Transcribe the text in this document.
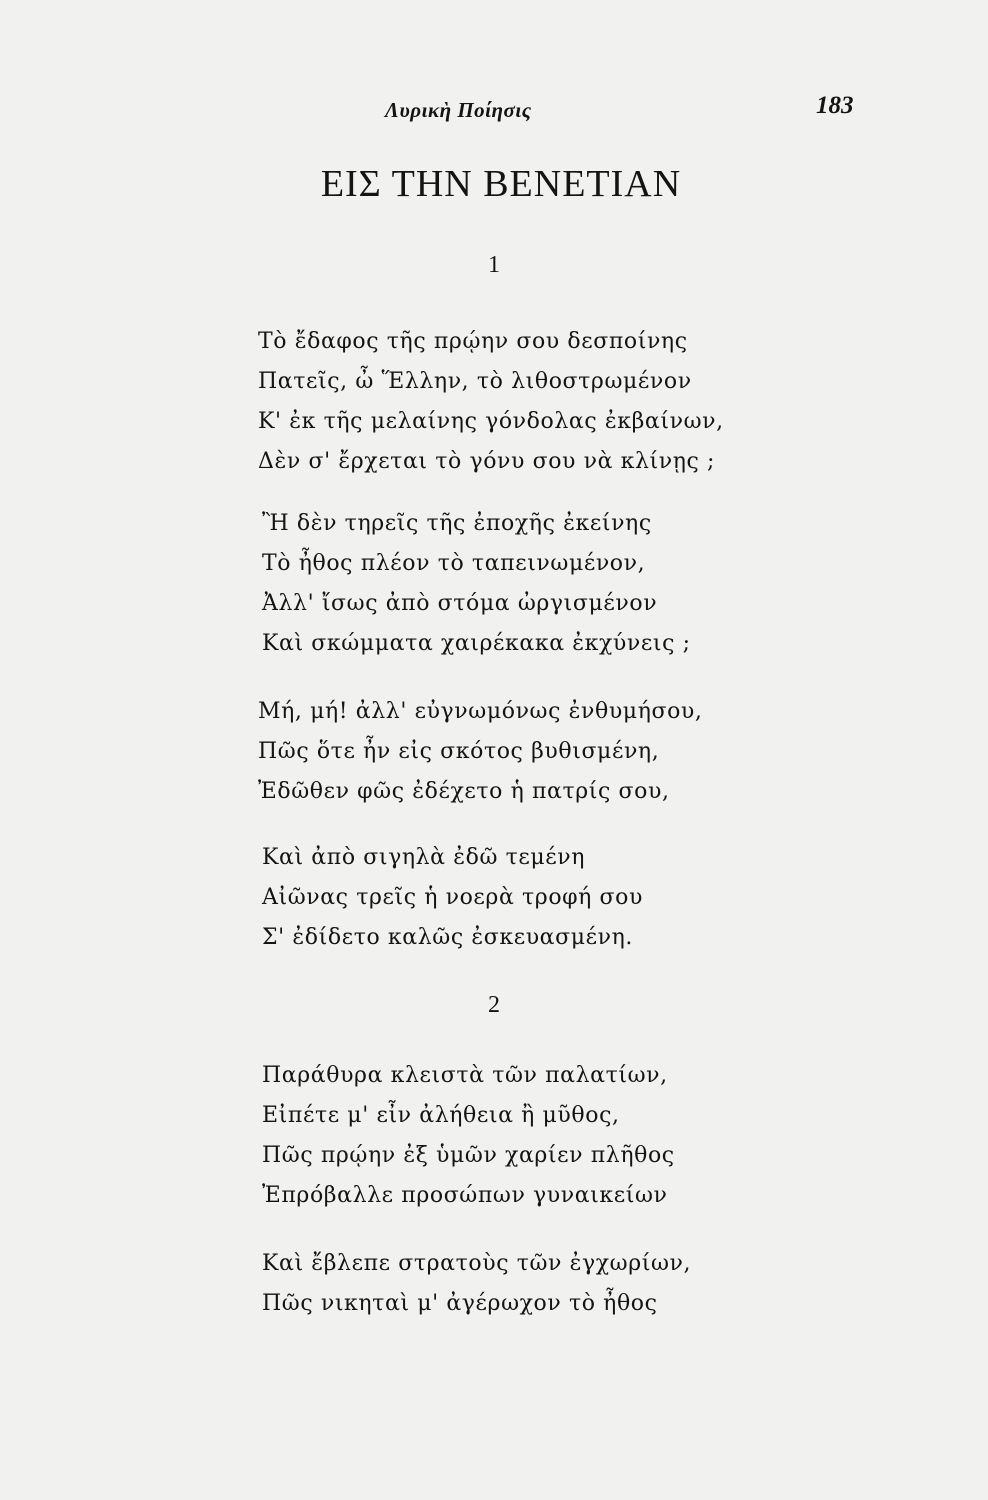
Λυρικὴ Ποίησις	183
ΕΙΣ ΤΗΝ ΒΕΝΕΤΙΑΝ
1
Τὸ ἔδαφος τῆς πρῴην σου δεσποίνης
Πατεῖς, ὦ Ἕλλην, τὸ λιθοστρωμένον
Κ' ἐκ τῆς μελαίνης γόνδολας ἐκβαίνων,
Δὲν σ' ἔρχεται τὸ γόνυ σου νὰ κλίνῃς ;
Ἢ δὲν τηρεῖς τῆς ἐποχῆς ἐκείνης
Τὸ ἦθος πλέον τὸ ταπεινωμένον,
Ἀλλ' ἴσως ἀπὸ στόμα ὠργισμένον
Καὶ σκώμματα χαιρέκακα ἐκχύνεις ;
Μή, μή! ἀλλ' εὐγνωμόνως ἐνθυμήσου,
Πῶς ὅτε ἦν εἰς σκότος βυθισμένη,
Ἐδῶθεν φῶς ἐδέχετο ἡ πατρίς σου,
Καὶ ἀπὸ σιγηλὰ ἐδῶ τεμένη
Αἰῶνας τρεῖς ἡ νοερὰ τροφή σου
Σ' ἐδίδετο καλῶς ἐσκευασμένη.
2
Παράθυρα κλειστὰ τῶν παλατίων,
Εἰπέτε μ' εἶν ἀλήθεια ἢ μῦθος,
Πῶς πρῴην ἐξ ὑμῶν χαρίεν πλῆθος
Ἐπρόβαλλε προσώπων γυναικείων
Καὶ ἔβλεπε στρατοὺς τῶν ἐγχωρίων,
Πῶς νικηταὶ μ' ἀγέρωχον τὸ ἦθος
